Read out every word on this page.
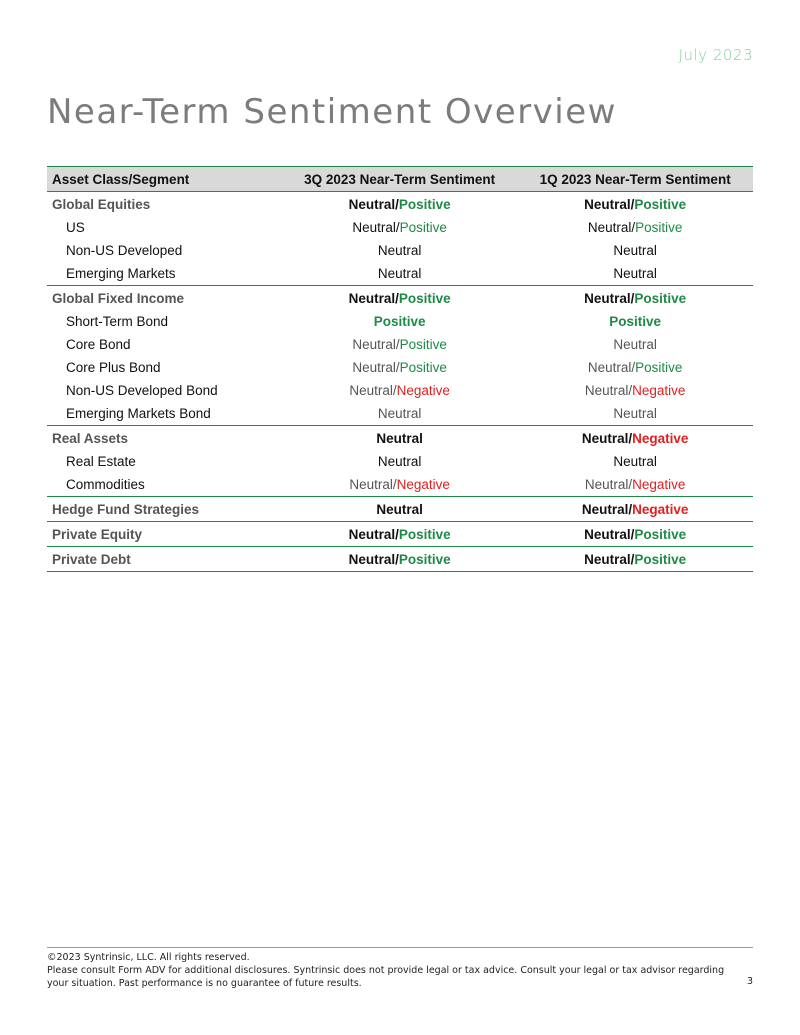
July 2023
Near-Term Sentiment Overview
Asset Class/Segment	3Q 2023 Near-Term Sentiment	1Q 2023 Near-Term Sentiment
Global Equities	Neutral/Positive	Neutral/Positive
US	Neutral/Positive	Neutral/Positive
Non-US Developed	Neutral	Neutral
Emerging Markets	Neutral	Neutral
Global Fixed Income	Neutral/Positive	Neutral/Positive
Short-Term Bond	Positive	Positive
Core Bond	Neutral/Positive	Neutral
Core Plus Bond	Neutral/Positive	Neutral/Positive
Non-US Developed Bond	Neutral/Negative	Neutral/Negative
Emerging Markets Bond	Neutral	Neutral
Real Assets	Neutral	Neutral/Negative
Real Estate	Neutral	Neutral
Commodities	Neutral/Negative	Neutral/Negative
Hedge Fund Strategies	Neutral	Neutral/Negative
Private Equity	Neutral/Positive	Neutral/Positive
Private Debt	Neutral/Positive	Neutral/Positive
©2023 Syntrinsic, LLC. All rights reserved.
Please consult Form ADV for additional disclosures. Syntrinsic does not provide legal or tax advice. Consult your legal or tax advisor regarding your situation. Past performance is no guarantee of future results.	3
